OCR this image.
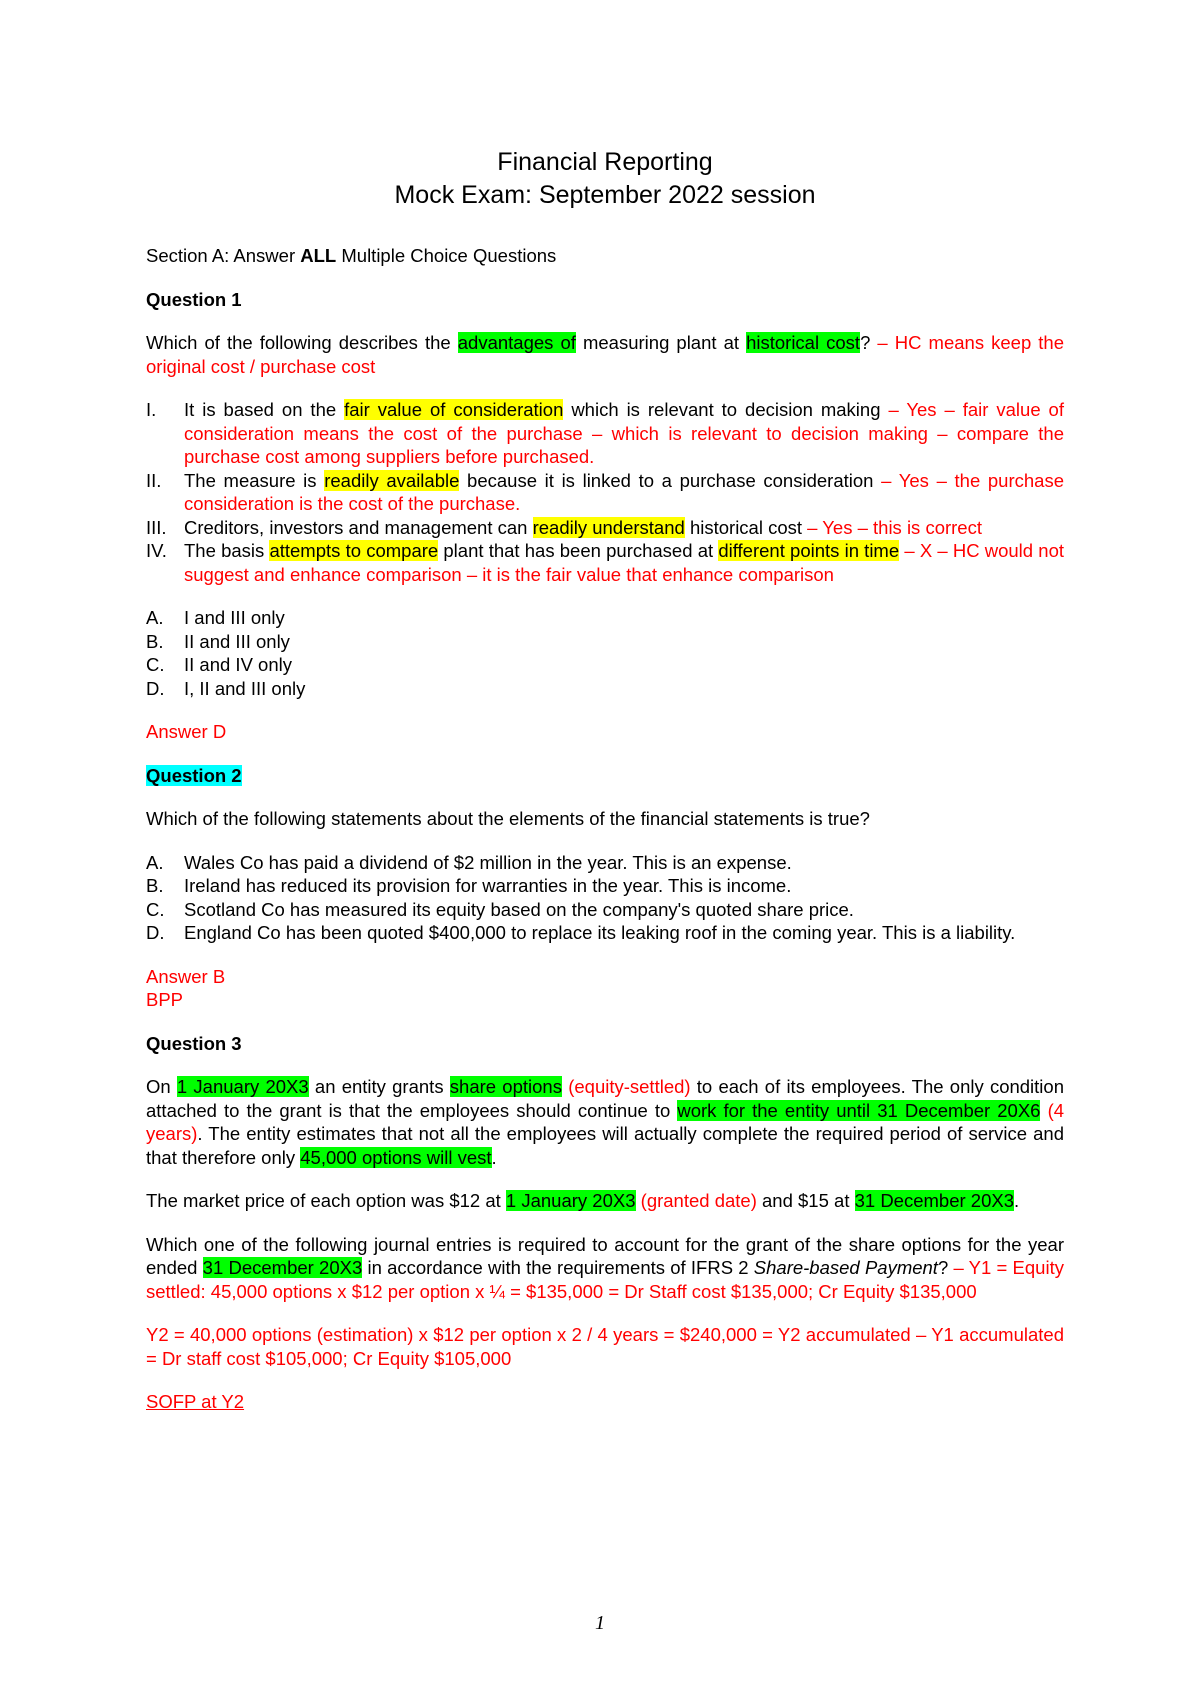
Financial Reporting
Mock Exam: September 2022 session

Section A: Answer ALL Multiple Choice Questions

Question 1

Which of the following describes the advantages of measuring plant at historical cost? – HC means keep the original cost / purchase cost

I. It is based on the fair value of consideration which is relevant to decision making – Yes – fair value of consideration means the cost of the purchase – which is relevant to decision making – compare the purchase cost among suppliers before purchased.
II. The measure is readily available because it is linked to a purchase consideration – Yes – the purchase consideration is the cost of the purchase.
III. Creditors, investors and management can readily understand historical cost – Yes – this is correct
IV. The basis attempts to compare plant that has been purchased at different points in time – X – HC would not suggest and enhance comparison – it is the fair value that enhance comparison
A. I and III only
B. II and III only
C. II and IV only
D. I, II and III only

Answer D

Question 2

Which of the following statements about the elements of the financial statements is true?

A. Wales Co has paid a dividend of $2 million in the year. This is an expense.
B. Ireland has reduced its provision for warranties in the year. This is income.
C. Scotland Co has measured its equity based on the company's quoted share price.
D. England Co has been quoted $400,000 to replace its leaking roof in the coming year. This is a liability.

Answer B

BPP

Question 3

On 1 January 20X3 an entity grants share options (equity-settled) to each of its employees. The only condition attached to the grant is that the employees should continue to work for the entity until 31 December 20X6 (4 years). The entity estimates that not all the employees will actually complete the required period of service and that therefore only 45,000 options will vest.

The market price of each option was $12 at 1 January 20X3 (granted date) and $15 at 31 December 20X3.

Which one of the following journal entries is required to account for the grant of the share options for the year ended 31 December 20X3 in accordance with the requirements of IFRS 2 Share-based Payment? – Y1 = Equity settled: 45,000 options x $12 per option x ¼ = $135,000 = Dr Staff cost $135,000; Cr Equity $135,000

Y2 = 40,000 options (estimation) x $12 per option x 2 / 4 years = $240,000 = Y2 accumulated – Y1 accumulated = Dr staff cost $105,000; Cr Equity $105,000

SOFP at Y2

1
